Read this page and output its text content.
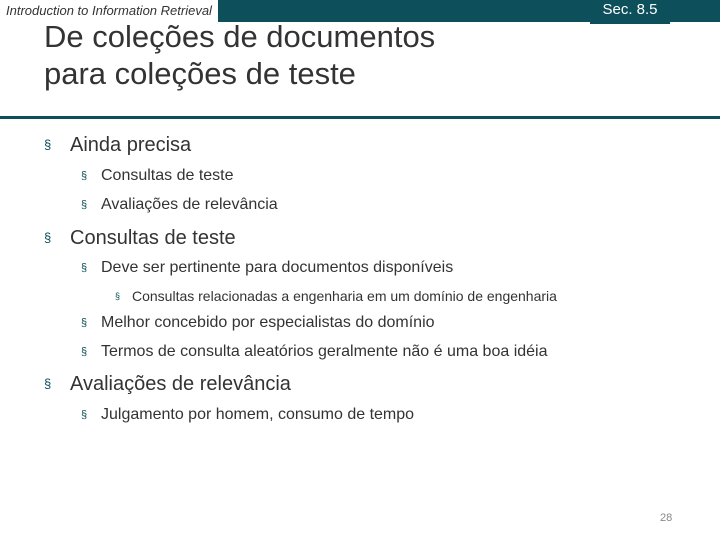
Introduction to Information Retrieval	Sec. 8.5
De coleções de documentos
para coleções de teste
§ Ainda precisa
§ Consultas de teste
§ Avaliações de relevância
§ Consultas de teste
§ Deve ser pertinente para documentos disponíveis
§ Consultas relacionadas a engenharia em um domínio de engenharia
§ Melhor concebido por especialistas do domínio
§ Termos de consulta aleatórios geralmente não é uma boa idéia
§ Avaliações de relevância
§ Julgamento por homem, consumo de tempo
28
